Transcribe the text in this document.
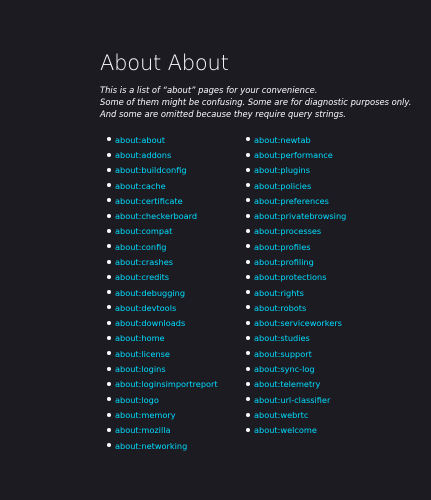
About About
This is a list of “about” pages for your convenience.
Some of them might be confusing. Some are for diagnostic purposes only.
And some are omitted because they require query strings.
about:about
about:addons
about:buildconfig
about:cache
about:certificate
about:checkerboard
about:compat
about:config
about:crashes
about:credits
about:debugging
about:devtools
about:downloads
about:home
about:license
about:logins
about:loginsimportreport
about:logo
about:memory
about:mozilla
about:networking
about:newtab
about:performance
about:plugins
about:policies
about:preferences
about:privatebrowsing
about:processes
about:profiles
about:profiling
about:protections
about:rights
about:robots
about:serviceworkers
about:studies
about:support
about:sync-log
about:telemetry
about:url-classifier
about:webrtc
about:welcome
